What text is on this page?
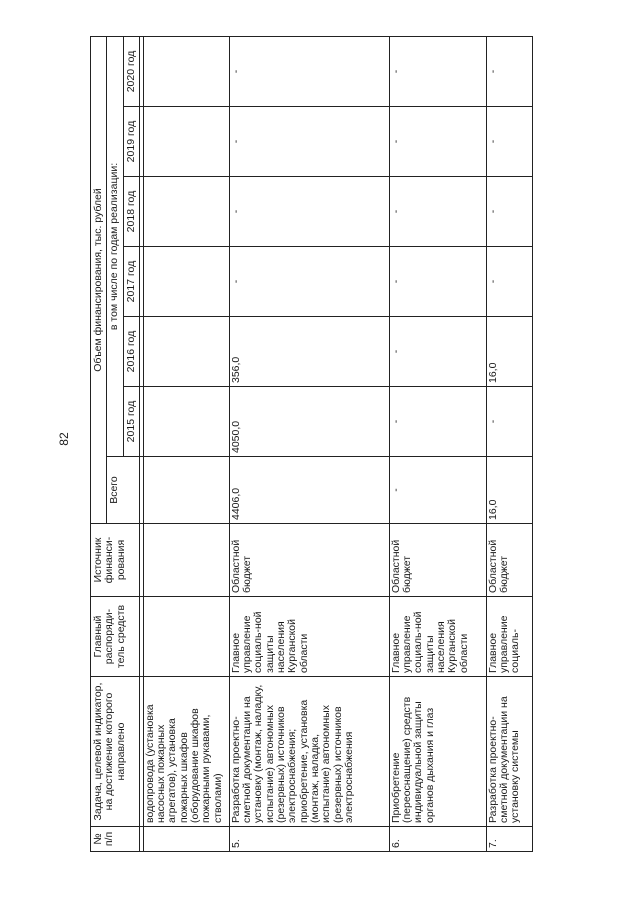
82
№ п/п	Задача, целевой индикатор, на достижение которого направлено	Главный распоряди-тель средств	Источник финанси-рования	Объем финансирования, тыс. рублей						
				Всего	в том числе по годам реализации:					
					2015 год	2016 год	2017 год	2018 год	2019 год	2020 год

	водопровода (установка насосных пожарных агрегатов), установка пожарных шкафов (оборудование шкафов пожарными рукавами, стволами)									
5.	Разработка проектно-сметной документации на установку (монтаж, наладку, испытание) автономных (резервных) источников электроснабжения; приобретение, установка (монтаж, наладка, испытание) автономных (резервных) источников электроснабжения	Главное управление социаль-ной защиты населения Курганской области	Областной бюджет	4406,0	4050,0	356,0	-	-	-	-
6.	Приобретение (переоснащение) средств индивидуальной защиты органов дыхания и глаз	Главное управление социаль-ной защиты населения Курганской области	Областной бюджет	-	-	-	-	-	-	-
7.	Разработка проектно-сметной документации на установку системы	Главное управление социаль-	Областной бюджет	16,0	-	16,0	-	-	-	-
